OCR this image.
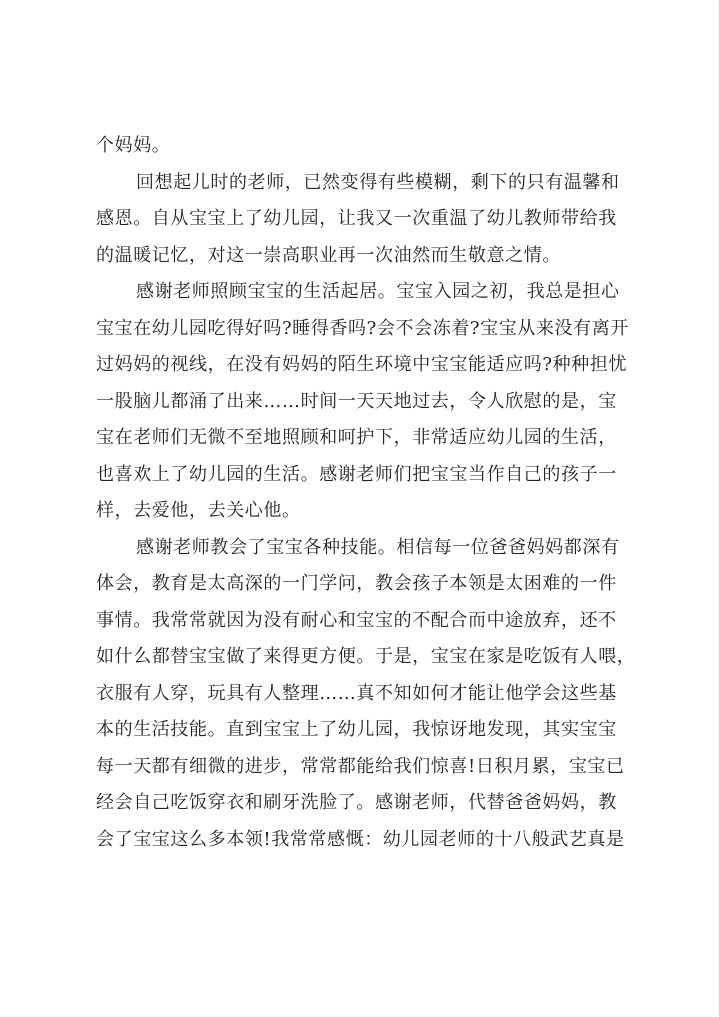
个妈妈。
回想起儿时的老师，已然变得有些模糊，剩下的只有温馨和
感恩。自从宝宝上了幼儿园，让我又一次重温了幼儿教师带给我
的温暖记忆，对这一崇高职业再一次油然而生敬意之情。
感谢老师照顾宝宝的生活起居。宝宝入园之初，我总是担心
宝宝在幼儿园吃得好吗?睡得香吗?会不会冻着?宝宝从来没有离开
过妈妈的视线，在没有妈妈的陌生环境中宝宝能适应吗?种种担忧
一股脑儿都涌了出来……时间一天天地过去，令人欣慰的是，宝
宝在老师们无微不至地照顾和呵护下，非常适应幼儿园的生活，
也喜欢上了幼儿园的生活。感谢老师们把宝宝当作自己的孩子一
样，去爱他，去关心他。
感谢老师教会了宝宝各种技能。相信每一位爸爸妈妈都深有
体会，教育是太高深的一门学问，教会孩子本领是太困难的一件
事情。我常常就因为没有耐心和宝宝的不配合而中途放弃，还不
如什么都替宝宝做了来得更方便。于是，宝宝在家是吃饭有人喂，
衣服有人穿，玩具有人整理……真不知如何才能让他学会这些基
本的生活技能。直到宝宝上了幼儿园，我惊讶地发现，其实宝宝
每一天都有细微的进步，常常都能给我们惊喜!日积月累，宝宝已
经会自己吃饭穿衣和刷牙洗脸了。感谢老师，代替爸爸妈妈，教
会了宝宝这么多本领!我常常感慨：幼儿园老师的十八般武艺真是
